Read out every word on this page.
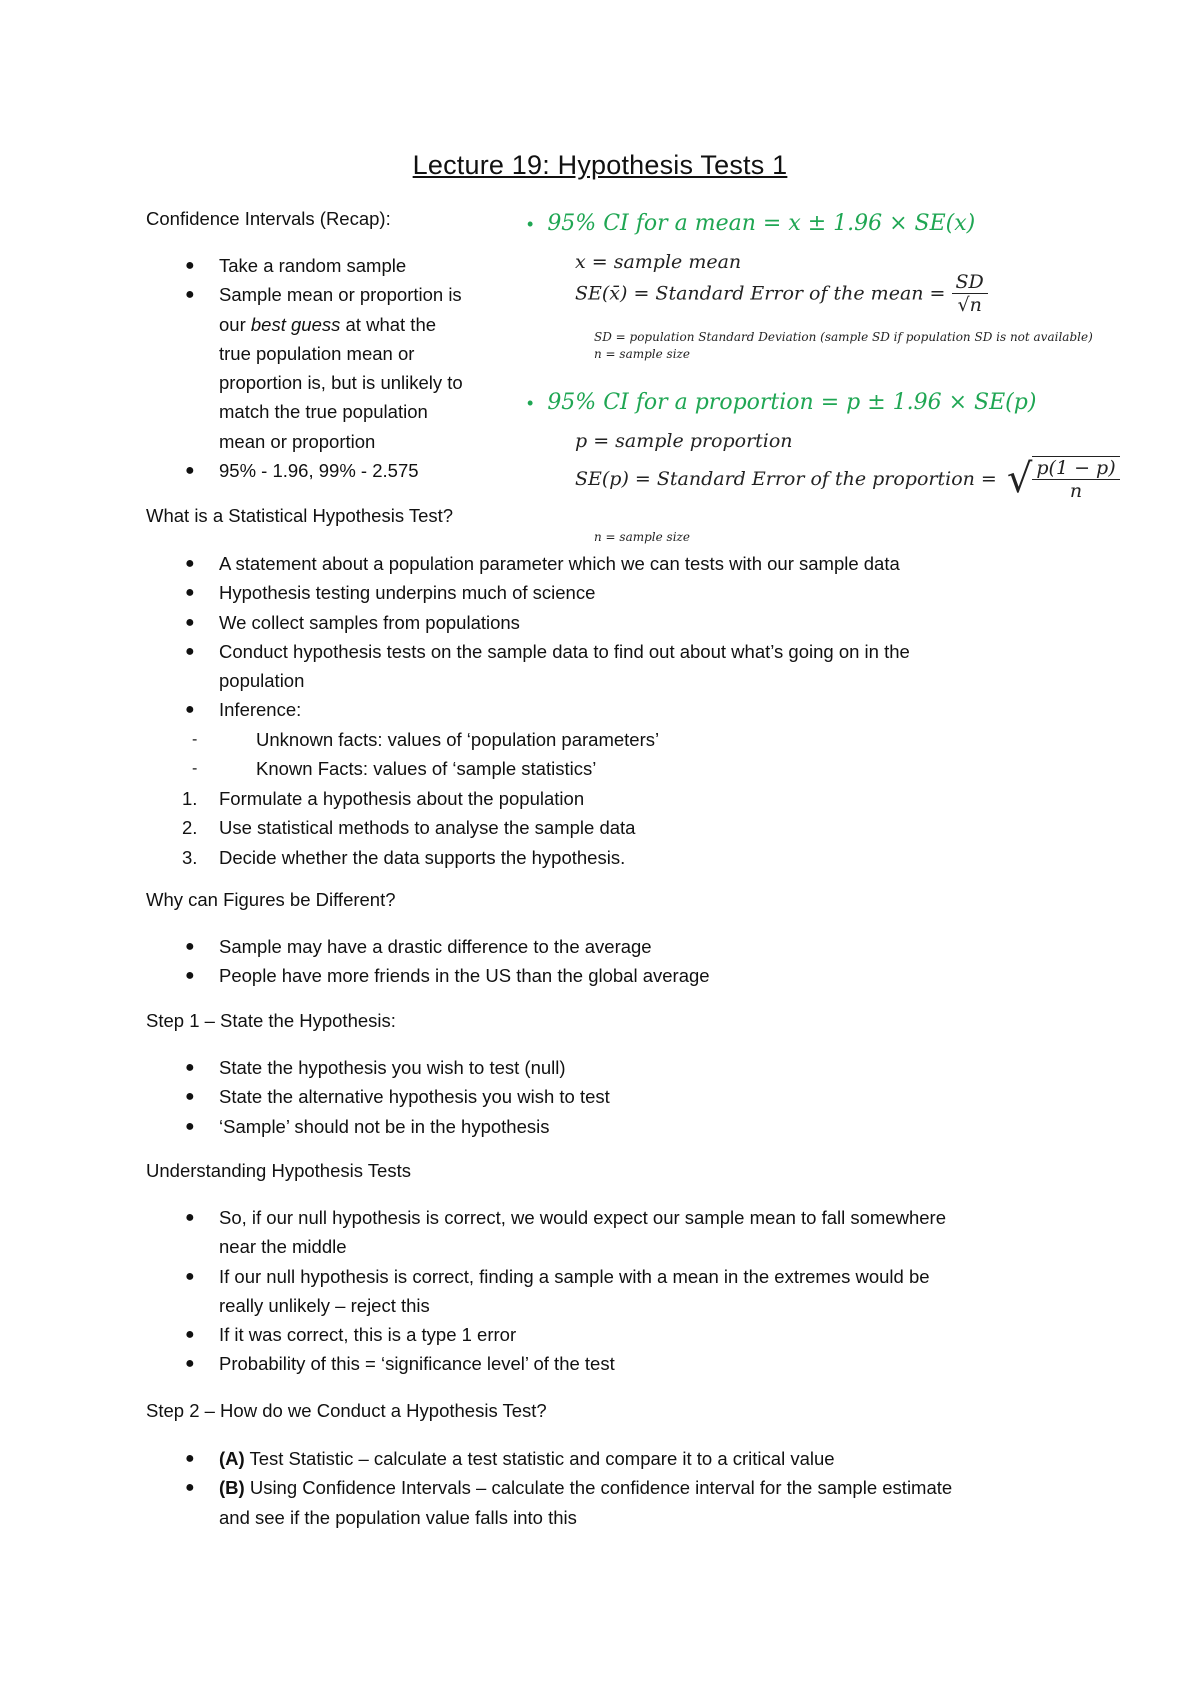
Lecture 19: Hypothesis Tests 1
Confidence Intervals (Recap):
● Take a random sample
● Sample mean or proportion is
our best guess at what the
true population mean or
proportion is, but is unlikely to
match the true population
mean or proportion
● 95% - 1.96, 99% - 2.575
• 95% CI for a mean = x ± 1.96 × SE(x)
x = sample mean
SE(x̄) = Standard Error of the mean = $\frac{SD}{√n}$
SD = population Standard Deviation (sample SD if population SD is not available)
n = sample size
• 95% CI for a proportion = p ± 1.96 × SE(p)
p = sample proportion
SE(p) = Standard Error of the proportion = √ $\frac{p(1 - p)}{n}$
n = sample size
What is a Statistical Hypothesis Test?
● A statement about a population parameter which we can tests with our sample data
● Hypothesis testing underpins much of science
● We collect samples from populations
● Conduct hypothesis tests on the sample data to find out about what’s going on in the
population
● Inference:
-	Unknown facts: values of ‘population parameters’
-	Known Facts: values of ‘sample statistics’
1. Formulate a hypothesis about the population
2. Use statistical methods to analyse the sample data
3. Decide whether the data supports the hypothesis.
Why can Figures be Different?
● Sample may have a drastic difference to the average
● People have more friends in the US than the global average
Step 1 – State the Hypothesis:
● State the hypothesis you wish to test (null)
● State the alternative hypothesis you wish to test
● ‘Sample’ should not be in the hypothesis
Understanding Hypothesis Tests
● So, if our null hypothesis is correct, we would expect our sample mean to fall somewhere
near the middle
● If our null hypothesis is correct, finding a sample with a mean in the extremes would be
really unlikely – reject this
● If it was correct, this is a type 1 error
● Probability of this = ‘significance level’ of the test
Step 2 – How do we Conduct a Hypothesis Test?
● (A) Test Statistic – calculate a test statistic and compare it to a critical value
● (B) Using Confidence Intervals – calculate the confidence interval for the sample estimate
and see if the population value falls into this
